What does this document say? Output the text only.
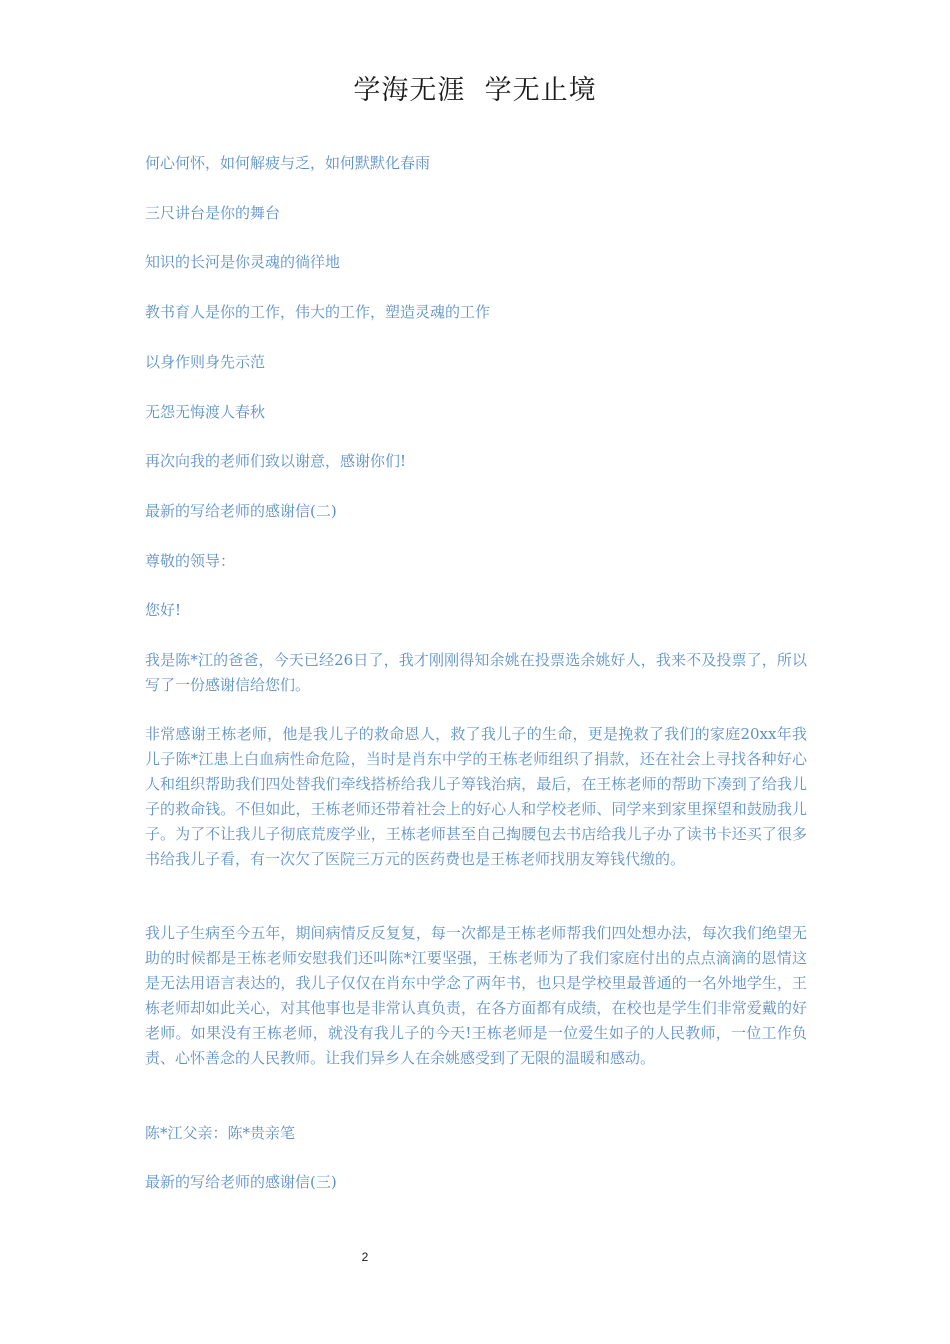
学海无涯  学无止境

何心何怀，如何解疲与乏，如何默默化春雨

三尺讲台是你的舞台

知识的长河是你灵魂的徜徉地

教书育人是你的工作，伟大的工作，塑造灵魂的工作

以身作则身先示范

无怨无悔渡人春秋

再次向我的老师们致以谢意，感谢你们!

最新的写给老师的感谢信(二)

尊敬的领导：

您好!

我是陈*江的爸爸，今天已经26日了，我才刚刚得知余姚在投票选余姚好人，我来不及投票了，所以写了一份感谢信给您们。

非常感谢王栋老师，他是我儿子的救命恩人，救了我儿子的生命，更是挽救了我们的家庭20xx年我儿子陈*江患上白血病性命危险，当时是肖东中学的王栋老师组织了捐款，还在社会上寻找各种好心人和组织帮助我们四处替我们牵线搭桥给我儿子筹钱治病，最后，在王栋老师的帮助下凑到了给我儿子的救命钱。不但如此，王栋老师还带着社会上的好心人和学校老师、同学来到家里探望和鼓励我儿子。为了不让我儿子彻底荒废学业，王栋老师甚至自己掏腰包去书店给我儿子办了读书卡还买了很多书给我儿子看，有一次欠了医院三万元的医药费也是王栋老师找朋友筹钱代缴的。

我儿子生病至今五年，期间病情反反复复，每一次都是王栋老师帮我们四处想办法，每次我们绝望无助的时候都是王栋老师安慰我们还叫陈*江要坚强，王栋老师为了我们家庭付出的点点滴滴的恩情这是无法用语言表达的，我儿子仅仅在肖东中学念了两年书，也只是学校里最普通的一名外地学生，王栋老师却如此关心，对其他事也是非常认真负责，在各方面都有成绩，在校也是学生们非常爱戴的好老师。如果没有王栋老师，就没有我儿子的今天!王栋老师是一位爱生如子的人民教师，一位工作负责、心怀善念的人民教师。让我们异乡人在余姚感受到了无限的温暖和感动。

陈*江父亲：陈*贵亲笔

最新的写给老师的感谢信(三)

2
